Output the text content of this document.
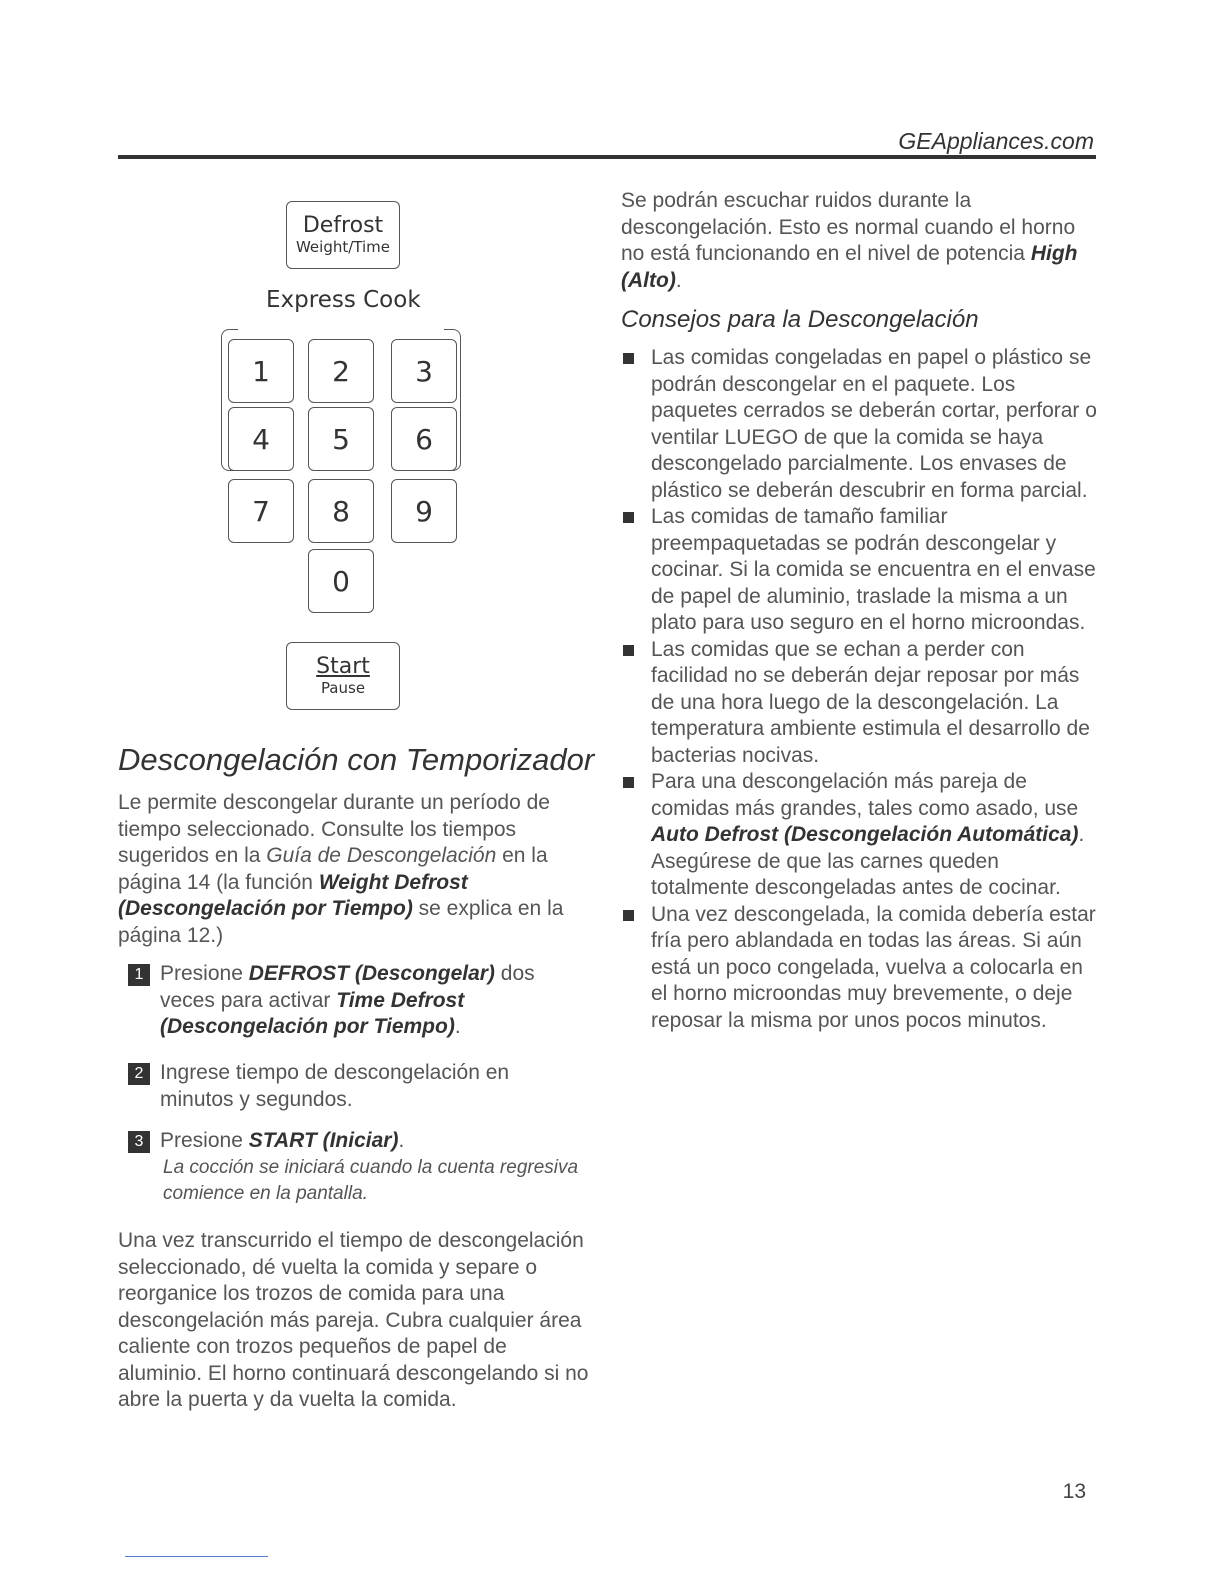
GEAppliances.com
Defrost
Weight/Time
Express Cook
1 2 3
4 5 6
7 8 9
0
Start
Pause
Descongelación con Temporizador

Le permite descongelar durante un período de tiempo seleccionado. Consulte los tiempos sugeridos en la Guía de Descongelación en la página 14 (la función Weight Defrost (Descongelación por Tiempo) se explica en la página 12.)

1 Presione DEFROST (Descongelar) dos veces para activar Time Defrost (Descongelación por Tiempo).

2 Ingrese tiempo de descongelación en minutos y segundos.

3 Presione START (Iniciar).

La cocción se iniciará cuando la cuenta regresiva comience en la pantalla.

Una vez transcurrido el tiempo de descongelación seleccionado, dé vuelta la comida y separe o reorganice los trozos de comida para una descongelación más pareja. Cubra cualquier área caliente con trozos pequeños de papel de aluminio. El horno continuará descongelando si no abre la puerta y da vuelta la comida.

Se podrán escuchar ruidos durante la descongelación. Esto es normal cuando el horno no está funcionando en el nivel de potencia High (Alto).

Consejos para la Descongelación
Las comidas congeladas en papel o plástico se podrán descongelar en el paquete. Los paquetes cerrados se deberán cortar, perforar o ventilar LUEGO de que la comida se haya descongelado parcialmente. Los envases de plástico se deberán descubrir en forma parcial.
Las comidas de tamaño familiar preempaquetadas se podrán descongelar y cocinar. Si la comida se encuentra en el envase de papel de aluminio, traslade la misma a un plato para uso seguro en el horno microondas.
Las comidas que se echan a perder con facilidad no se deberán dejar reposar por más de una hora luego de la descongelación. La temperatura ambiente estimula el desarrollo de bacterias nocivas.
Para una descongelación más pareja de comidas más grandes, tales como asado, use Auto Defrost (Descongelación Automática). Asegúrese de que las carnes queden totalmente descongeladas antes de cocinar.
Una vez descongelada, la comida debería estar fría pero ablandada en todas las áreas. Si aún está un poco congelada, vuelva a colocarla en el horno microondas muy brevemente, o deje reposar la misma por unos pocos minutos.
13
